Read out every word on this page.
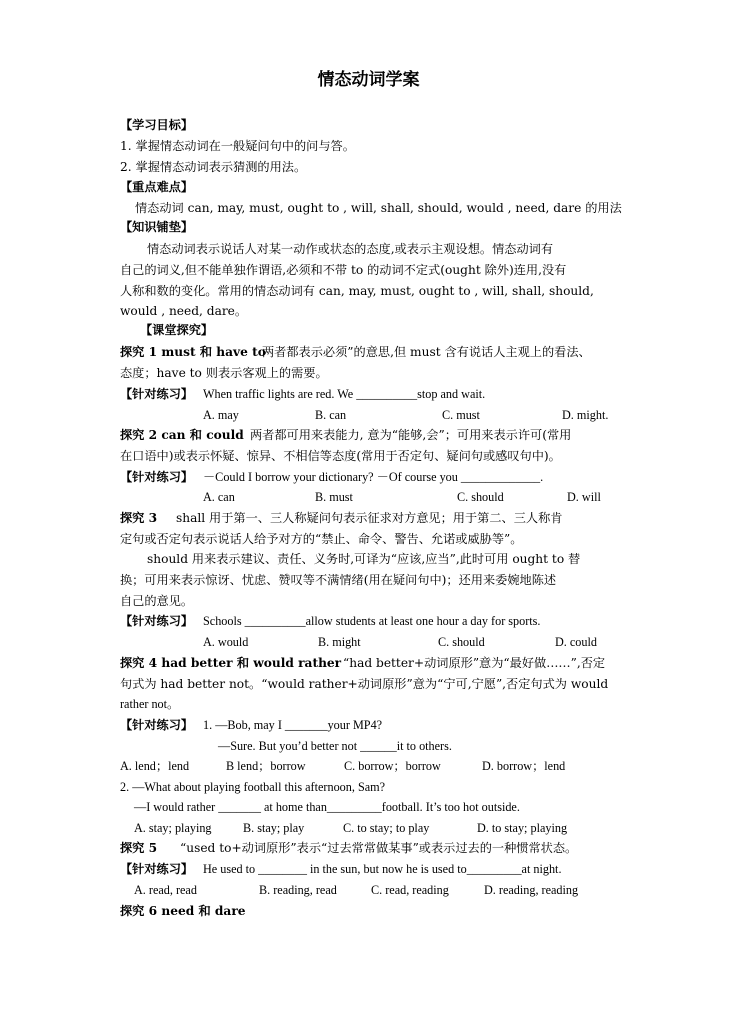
情态动词学案
【学习目标】
1. 掌握情态动词在一般疑问句中的问与答。
2. 掌握情态动词表示猜测的用法。
【重点难点】
情态动词 can, may, must, ought to , will, shall, should, would , need, dare 的用法
【知识铺垫】
情态动词表示说话人对某一动作或状态的态度,或表示主观设想。情态动词有
自己的词义,但不能单独作谓语,必须和不带 to 的动词不定式(ought 除外)连用,没有
人称和数的变化。常用的情态动词有 can, may, must, ought to , will, shall, should,
would , need, dare。
【课堂探究】
探究 1 must 和 have to
两者都表示必须”的意思,但 must 含有说话人主观上的看法、
态度；have to 则表示客观上的需要。
【针对练习】 When traffic lights are red. We __________stop and wait.
A. may	B. can	C. must	D. might.
探究 2 can 和 could 两者都可用来表能力, 意为“能够,会”；可用来表示许可(常用
在口语中)或表示怀疑、惊异、不相信等态度(常用于否定句、疑问句或感叹句中)。
【针对练习】 －Could I borrow your dictionary? －Of course you _____________.
A. can	B. must	C. should	D. will
探究 3 shall 用于第一、三人称疑问句表示征求对方意见；用于第二、三人称肯
定句或否定句表示说话人给予对方的“禁止、命令、警告、允诺或威胁等”。
should 用来表示建议、责任、义务时,可译为“应该,应当”,此时可用 ought to 替
换；可用来表示惊讶、忧虑、赞叹等不满情绪(用在疑问句中)；还用来委婉地陈述
自己的意见。
【针对练习】 Schools __________allow students at least one hour a day for sports.
A. would	B. might	C. should	D. could
探究 4 had better 和 would rather “had better+动词原形”意为“最好做……”,否定
句式为 had better not。“would rather+动词原形”意为“宁可,宁愿”,否定句式为 would
rather not。
【针对练习】 1. —Bob, may I _______your MP4?
—Sure. But you’d better not ______it to others.
A. lend；lend	B lend；borrow	C. borrow；borrow	D. borrow；lend
2. —What about playing football this afternoon, Sam?
—I would rather _______ at home than_________football. It’s too hot outside.
A. stay; playing	B. stay; play	C. to stay; to play	D. to stay; playing
探究 5 “used to+动词原形”表示“过去常常做某事”或表示过去的一种惯常状态。
【针对练习】 He used to ________ in the sun, but now he is used to_________at night.
A. read, read	B. reading, read	C. read, reading	D. reading, reading
探究 6 need 和 dare
